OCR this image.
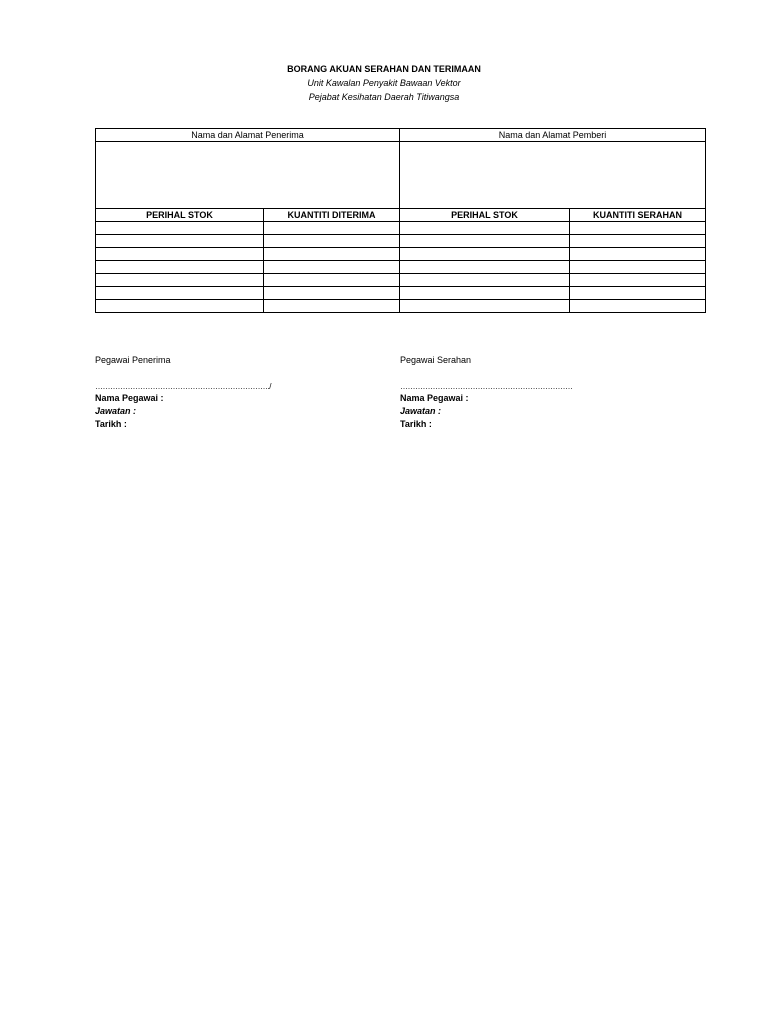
BORANG AKUAN SERAHAN DAN TERIMAAN
Unit Kawalan Penyakit Bawaan Vektor
Pejabat Kesihatan Daerah Titiwangsa
Nama dan Alamat Penerima		Nama dan Alamat Pemberi	

PERIHAL STOK	KUANTITI DITERIMA	PERIHAL STOK	KUANTITI SERAHAN

Pegawai Penerima
……………………………………………………………./
Nama Pegawai :
Jawatan :
Tarikh :
Pegawai Serahan
……………………………………………………………
Nama Pegawai :
Jawatan :
Tarikh :
